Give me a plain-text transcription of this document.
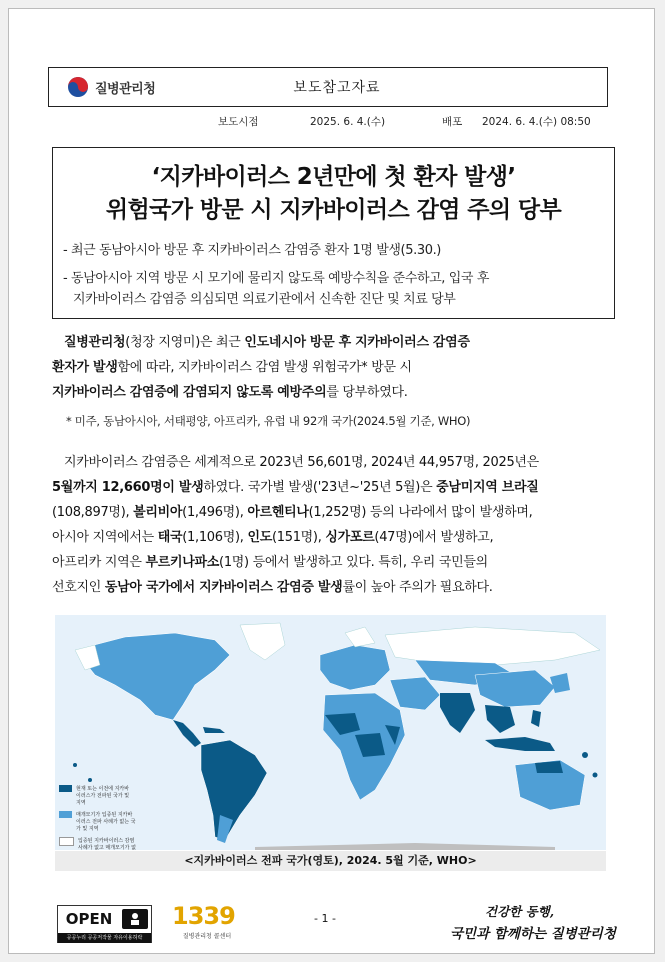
질병관리청	보도참고자료
보도시점	2025. 6. 4.(수)	배포 2024. 6. 4.(수) 08:50
‘지카바이러스 2년만에 첫 환자 발생’
위험국가 방문 시 지카바이러스 감염 주의 당부
- 최근 동남아시아 방문 후 지카바이러스 감염증 환자 1명 발생(5.30.)
- 동남아시아 지역 방문 시 모기에 물리지 않도록 예방수칙을 준수하고, 입국 후
지카바이러스 감염증 의심되면 의료기관에서 신속한 진단 및 치료 당부

질병관리청(청장 지영미)은 최근 인도네시아 방문 후 지카바이러스 감염증

환자가 발생함에 따라, 지카바이러스 감염 발생 위험국가* 방문 시

지카바이러스 감염증에 감염되지 않도록 예방주의를 당부하였다.

* 미주, 동남아시아, 서태평양, 아프리카, 유럽 내 92개 국가(2024.5월 기준, WHO)

지카바이러스 감염증은 세계적으로 2023년 56,601명, 2024년 44,957명, 2025년은

5월까지 12,660명이 발생하였다. 국가별 발생('23년~'25년 5월)은 중남미지역 브라질

(108,897명), 볼리비아(1,496명), 아르헨티나(1,252명) 등의 나라에서 많이 발생하며,

아시아 지역에서는 태국(1,106명), 인도(151명), 싱가포르(47명)에서 발생하고,

아프리카 지역은 부르키나파소(1명) 등에서 발생하고 있다. 특히, 우리 국민들의

선호지인 동남아 국가에서 지카바이러스 감염증 발생률이 높아 주의가 필요하다.

현재 또는 이전에 지카바이러스가 전파된 국가 및 지역
매개모기가 입증된 지카바이러스 전파 사례가 없는 국가 및 지역
입증된 지카바이러스 감염 사례가 없고 매개모기가 없
<지카바이러스 전파 국가(영토), 2024. 5월 기준, WHO>
OPEN
공공누리 공공저작물 자유이용허락
1339
질병관리청 콜센터
- 1 -	건강한 동행,
국민과 함께하는 질병관리청
